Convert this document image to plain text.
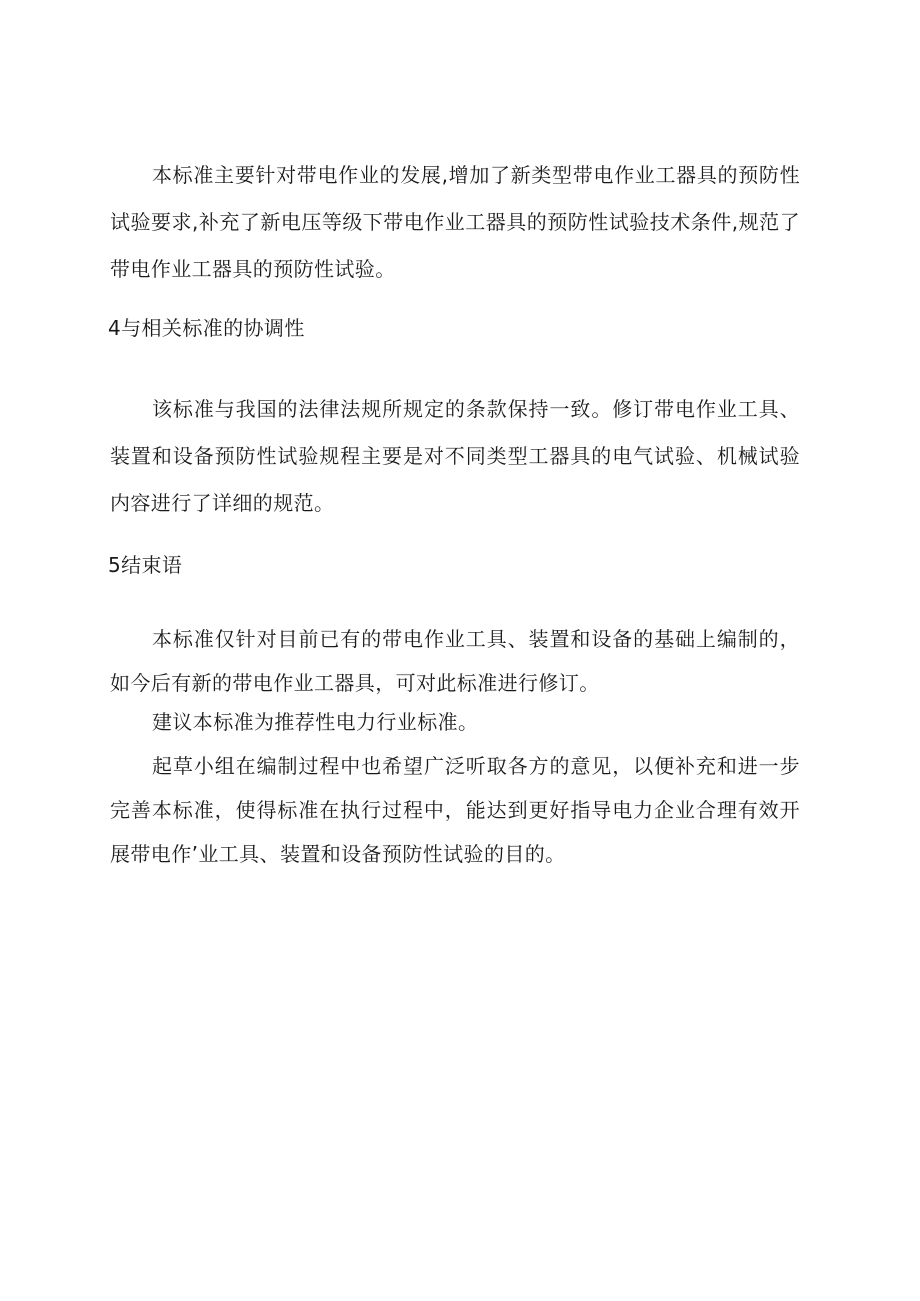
本标准主要针对带电作业的发展,增加了新类型带电作业工器具的预防性试验要求,补充了新电压等级下带电作业工器具的预防性试验技术条件,规范了带电作业工器具的预防性试验。

4与相关标准的协调性

该标准与我国的法律法规所规定的条款保持一致。修订带电作业工具、装置和设备预防性试验规程主要是对不同类型工器具的电气试验、机械试验内容进行了详细的规范。

5结束语

本标准仅针对目前已有的带电作业工具、装置和设备的基础上编制的，如今后有新的带电作业工器具，可对此标准进行修订。

建议本标准为推荐性电力行业标准。

起草小组在编制过程中也希望广泛听取各方的意见，以便补充和进一步完善本标准，使得标准在执行过程中，能达到更好指导电力企业合理有效开展带电作’业工具、装置和设备预防性试验的目的。
